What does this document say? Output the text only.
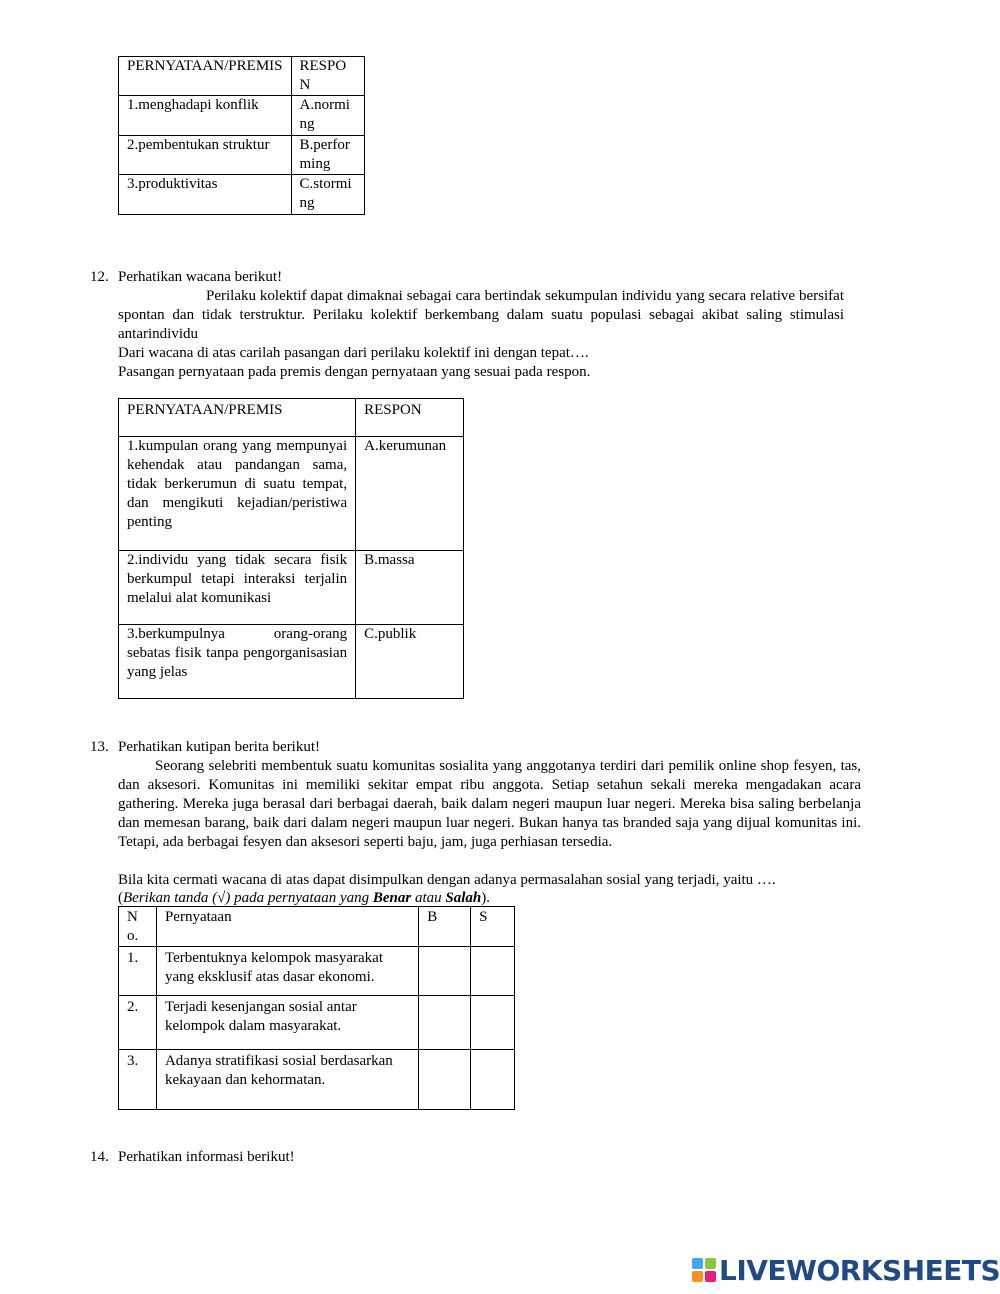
PERNYATAAN/PREMIS	RESPON
1.menghadapi konflik	A.norming
2.pembentukan struktur	B.performing
3.produktivitas	C.storming
12. Perhatikan wacana berikut!
Perilaku kolektif dapat dimaknai sebagai cara bertindak sekumpulan individu yang secara relative bersifat spontan dan tidak terstruktur. Perilaku kolektif berkembang dalam suatu populasi sebagai akibat saling stimulasi antarindividu
Dari wacana di atas carilah pasangan dari perilaku kolektif ini dengan tepat….
Pasangan pernyataan pada premis dengan pernyataan yang sesuai pada respon.
PERNYATAAN/PREMIS	RESPON
1.kumpulan orang yang mempunyai kehendak atau pandangan sama, tidak berkerumun di suatu tempat, dan mengikuti kejadian/peristiwa penting	A.kerumunan
2.individu yang tidak secara fisik berkumpul tetapi interaksi terjalin melalui alat komunikasi	B.massa
3.berkumpulnya orang-orang sebatas fisik tanpa pengorganisasian yang jelas	C.publik
13. Perhatikan kutipan berita berikut!
Seorang selebriti membentuk suatu komunitas sosialita yang anggotanya terdiri dari pemilik online shop fesyen, tas, dan aksesori. Komunitas ini memiliki sekitar empat ribu anggota. Setiap setahun sekali mereka mengadakan acara gathering. Mereka juga berasal dari berbagai daerah, baik dalam negeri maupun luar negeri. Mereka bisa saling berbelanja dan memesan barang, baik dari dalam negeri maupun luar negeri. Bukan hanya tas branded saja yang dijual komunitas ini. Tetapi, ada berbagai fesyen dan aksesori seperti baju, jam, juga perhiasan tersedia.
Bila kita cermati wacana di atas dapat disimpulkan dengan adanya permasalahan sosial yang terjadi, yaitu ….
(Berikan tanda (√) pada pernyataan yang Benar atau Salah).
No.	Pernyataan	B	S
1.	Terbentuknya kelompok masyarakat yang eksklusif atas dasar ekonomi.		
2.	Terjadi kesenjangan sosial antar kelompok dalam masyarakat.		
3.	Adanya stratifikasi sosial berdasarkan kekayaan dan kehormatan.		
14. Perhatikan informasi berikut!
LIVEWORKSHEETS
